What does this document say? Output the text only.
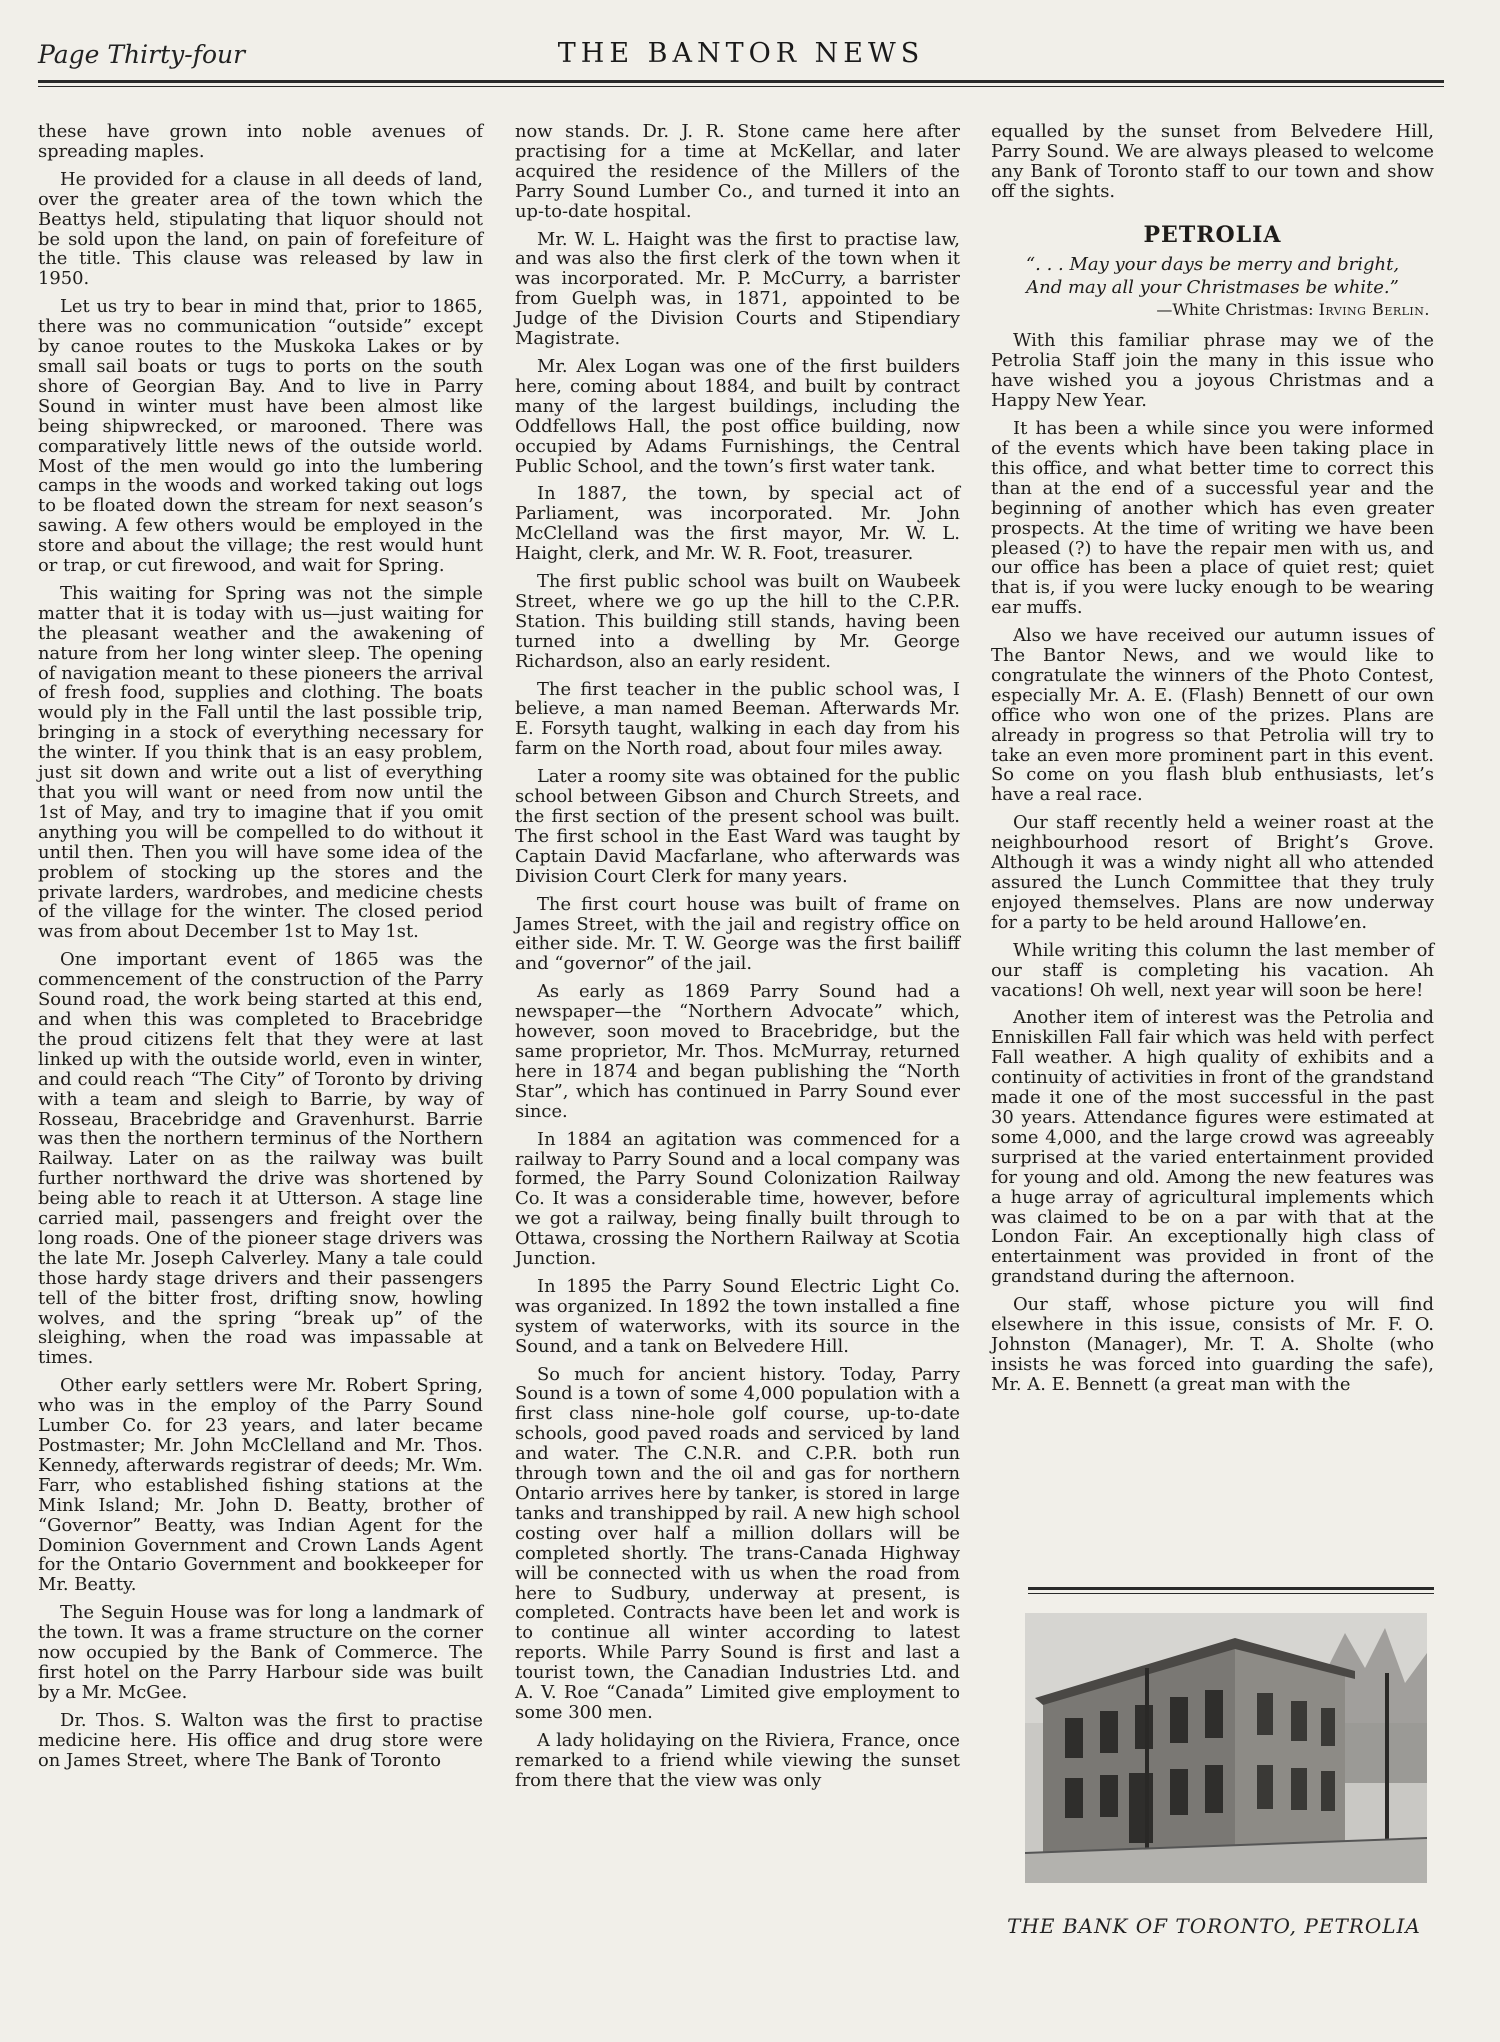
Page Thirty-four	THE BANTOR NEWS

these have grown into noble avenues of spreading maples.

He provided for a clause in all deeds of land, over the greater area of the town which the Beattys held, stipulating that liquor should not be sold upon the land, on pain of forefeiture of the title. This clause was released by law in 1950.

Let us try to bear in mind that, prior to 1865, there was no communication “outside” except by canoe routes to the Muskoka Lakes or by small sail boats or tugs to ports on the south shore of Georgian Bay. And to live in Parry Sound in winter must have been almost like being shipwrecked, or marooned. There was comparatively little news of the outside world. Most of the men would go into the lumbering camps in the woods and worked taking out logs to be floated down the stream for next season’s sawing. A few others would be employed in the store and about the village; the rest would hunt or trap, or cut firewood, and wait for Spring.

This waiting for Spring was not the simple matter that it is today with us—just waiting for the pleasant weather and the awakening of nature from her long winter sleep. The opening of navigation meant to these pioneers the arrival of fresh food, supplies and clothing. The boats would ply in the Fall until the last possible trip, bringing in a stock of everything necessary for the winter. If you think that is an easy problem, just sit down and write out a list of everything that you will want or need from now until the 1st of May, and try to imagine that if you omit anything you will be compelled to do without it until then. Then you will have some idea of the problem of stocking up the stores and the private larders, wardrobes, and medicine chests of the village for the winter. The closed period was from about December 1st to May 1st.

One important event of 1865 was the commencement of the construction of the Parry Sound road, the work being started at this end, and when this was completed to Bracebridge the proud citizens felt that they were at last linked up with the outside world, even in winter, and could reach “The City” of Toronto by driving with a team and sleigh to Barrie, by way of Rosseau, Bracebridge and Gravenhurst. Barrie was then the northern terminus of the Northern Railway. Later on as the railway was built further northward the drive was shortened by being able to reach it at Utterson. A stage line carried mail, passengers and freight over the long roads. One of the pioneer stage drivers was the late Mr. Joseph Calverley. Many a tale could those hardy stage drivers and their passengers tell of the bitter frost, drifting snow, howling wolves, and the spring “break up” of the sleighing, when the road was impassable at times.

Other early settlers were Mr. Robert Spring, who was in the employ of the Parry Sound Lumber Co. for 23 years, and later became Postmaster; Mr. John McClelland and Mr. Thos. Kennedy, afterwards registrar of deeds; Mr. Wm. Farr, who established fishing stations at the Mink Island; Mr. John D. Beatty, brother of “Governor” Beatty, was Indian Agent for the Dominion Government and Crown Lands Agent for the Ontario Government and bookkeeper for Mr. Beatty.

The Seguin House was for long a landmark of the town. It was a frame structure on the corner now occupied by the Bank of Commerce. The first hotel on the Parry Harbour side was built by a Mr. McGee.

Dr. Thos. S. Walton was the first to practise medicine here. His office and drug store were on James Street, where The Bank of Toronto

now stands. Dr. J. R. Stone came here after practising for a time at McKellar, and later acquired the residence of the Millers of the Parry Sound Lumber Co., and turned it into an up-to-date hospital.

Mr. W. L. Haight was the first to practise law, and was also the first clerk of the town when it was incorporated. Mr. P. McCurry, a barrister from Guelph was, in 1871, appointed to be Judge of the Division Courts and Stipendiary Magistrate.

Mr. Alex Logan was one of the first builders here, coming about 1884, and built by contract many of the largest buildings, including the Oddfellows Hall, the post office building, now occupied by Adams Furnishings, the Central Public School, and the town’s first water tank.

In 1887, the town, by special act of Parliament, was incorporated. Mr. John McClelland was the first mayor, Mr. W. L. Haight, clerk, and Mr. W. R. Foot, treasurer.

The first public school was built on Waubeek Street, where we go up the hill to the C.P.R. Station. This building still stands, having been turned into a dwelling by Mr. George Richardson, also an early resident.

The first teacher in the public school was, I believe, a man named Beeman. Afterwards Mr. E. Forsyth taught, walking in each day from his farm on the North road, about four miles away.

Later a roomy site was obtained for the public school between Gibson and Church Streets, and the first section of the present school was built. The first school in the East Ward was taught by Captain David Macfarlane, who afterwards was Division Court Clerk for many years.

The first court house was built of frame on James Street, with the jail and registry office on either side. Mr. T. W. George was the first bailiff and “governor” of the jail.

As early as 1869 Parry Sound had a newspaper—the “Northern Advocate” which, however, soon moved to Bracebridge, but the same proprietor, Mr. Thos. McMurray, returned here in 1874 and began publishing the “North Star”, which has continued in Parry Sound ever since.

In 1884 an agitation was commenced for a railway to Parry Sound and a local company was formed, the Parry Sound Colonization Railway Co. It was a considerable time, however, before we got a railway, being finally built through to Ottawa, crossing the Northern Railway at Scotia Junction.

In 1895 the Parry Sound Electric Light Co. was organized. In 1892 the town installed a fine system of waterworks, with its source in the Sound, and a tank on Belvedere Hill.

So much for ancient history. Today, Parry Sound is a town of some 4,000 population with a first class nine-hole golf course, up-to-date schools, good paved roads and serviced by land and water. The C.N.R. and C.P.R. both run through town and the oil and gas for northern Ontario arrives here by tanker, is stored in large tanks and transhipped by rail. A new high school costing over half a million dollars will be completed shortly. The trans-Canada Highway will be connected with us when the road from here to Sudbury, underway at present, is completed. Contracts have been let and work is to continue all winter according to latest reports. While Parry Sound is first and last a tourist town, the Canadian Industries Ltd. and A. V. Roe “Canada” Limited give employment to some 300 men.

A lady holidaying on the Riviera, France, once remarked to a friend while viewing the sunset from there that the view was only

equalled by the sunset from Belvedere Hill, Parry Sound. We are always pleased to welcome any Bank of Toronto staff to our town and show off the sights.

PETROLIA
“. . . May your days be merry and bright,
And may all your Christmases be white.”
—White Christmas: Irving Berlin.

With this familiar phrase may we of the Petrolia Staff join the many in this issue who have wished you a joyous Christmas and a Happy New Year.

It has been a while since you were informed of the events which have been taking place in this office, and what better time to correct this than at the end of a successful year and the beginning of another which has even greater prospects. At the time of writing we have been pleased (?) to have the repair men with us, and our office has been a place of quiet rest; quiet that is, if you were lucky enough to be wearing ear muffs.

Also we have received our autumn issues of The Bantor News, and we would like to congratulate the winners of the Photo Contest, especially Mr. A. E. (Flash) Bennett of our own office who won one of the prizes. Plans are already in progress so that Petrolia will try to take an even more prominent part in this event. So come on you flash blub enthusiasts, let’s have a real race.

Our staff recently held a weiner roast at the neighbourhood resort of Bright’s Grove. Although it was a windy night all who attended assured the Lunch Committee that they truly enjoyed themselves. Plans are now underway for a party to be held around Hallowe’en.

While writing this column the last member of our staff is completing his vacation. Ah vacations! Oh well, next year will soon be here!

Another item of interest was the Petrolia and Enniskillen Fall fair which was held with perfect Fall weather. A high quality of exhibits and a continuity of activities in front of the grandstand made it one of the most successful in the past 30 years. Attendance figures were estimated at some 4,000, and the large crowd was agreeably surprised at the varied entertainment provided for young and old. Among the new features was a huge array of agricultural implements which was claimed to be on a par with that at the London Fair. An exceptionally high class of entertainment was provided in front of the grandstand during the afternoon.

Our staff, whose picture you will find elsewhere in this issue, consists of Mr. F. O. Johnston (Manager), Mr. T. A. Sholte (who insists he was forced into guarding the safe), Mr. A. E. Bennett (a great man with the

THE BANK OF TORONTO, PETROLIA
